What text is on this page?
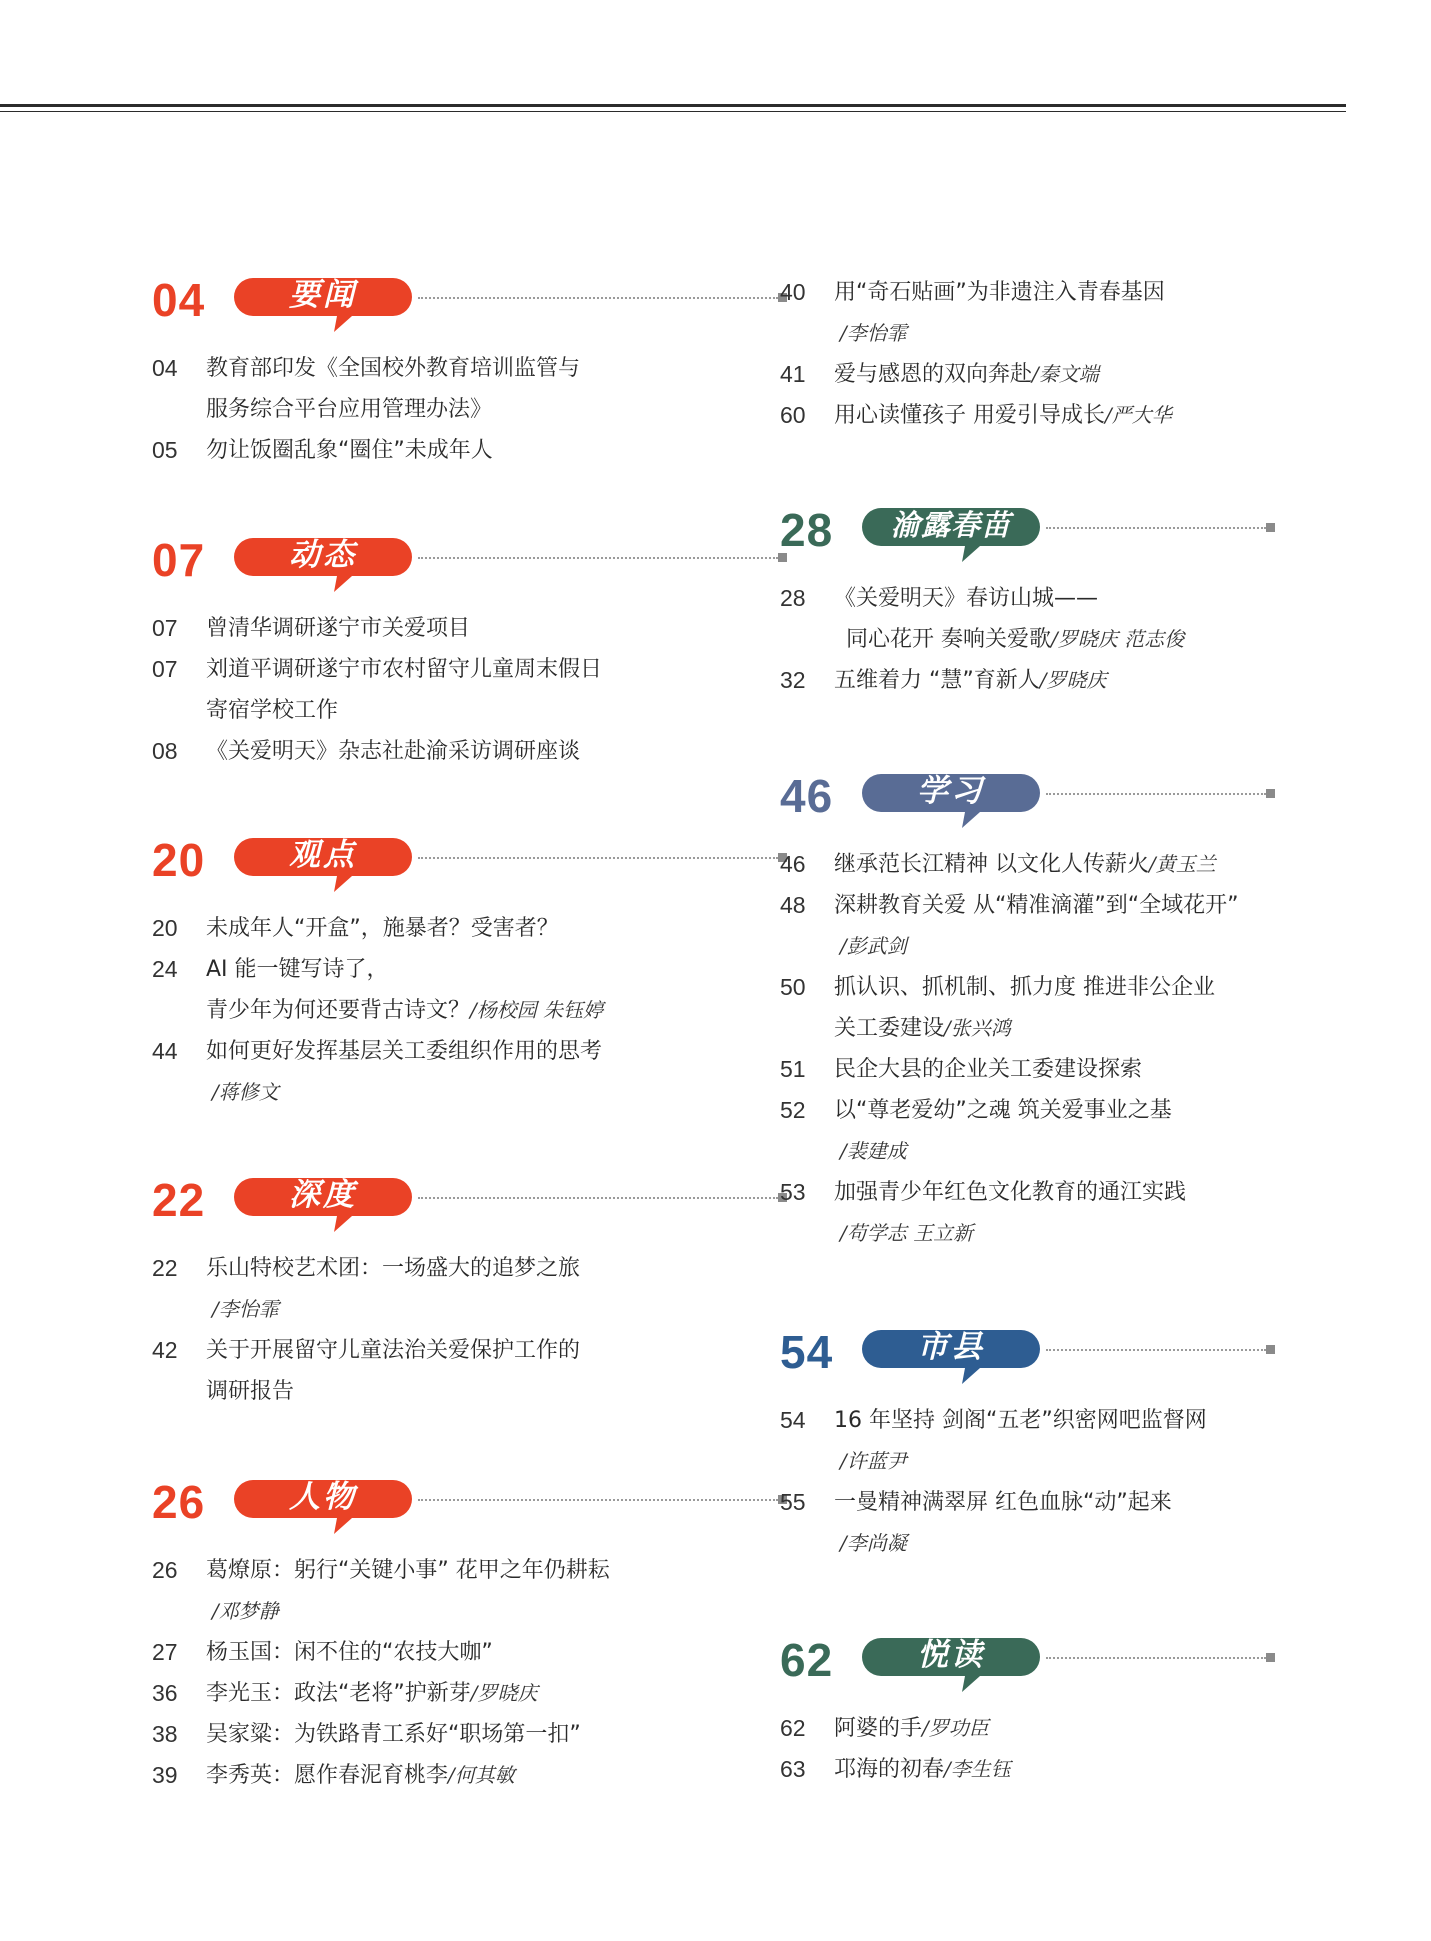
04	要闻
04 教育部印发《全国校外教育培训监管与
服务综合平台应用管理办法》
05 勿让饭圈乱象“圈住”未成年人
07	动态
07 曾清华调研遂宁市关爱项目
07 刘道平调研遂宁市农村留守儿童周末假日
寄宿学校工作
08 《关爱明天》杂志社赴渝采访调研座谈
20	观点
20 未成年人“开盒”，施暴者？受害者？
24 AI 能一键写诗了，
青少年为何还要背古诗文？/杨校园 朱钰婷
44 如何更好发挥基层关工委组织作用的思考
/蒋修文
22	深度
22 乐山特校艺术团：一场盛大的追梦之旅
/李怡霏
42 关于开展留守儿童法治关爱保护工作的
调研报告
26	人物
26 葛燎原：躬行“关键小事” 花甲之年仍耕耘
/邓梦静
27 杨玉国：闲不住的“农技大咖”
36 李光玉：政法“老将”护新芽/罗晓庆
38 吴家粱：为铁路青工系好“职场第一扣”
39 李秀英：愿作春泥育桃李/何其敏
40 用“奇石贴画”为非遗注入青春基因
/李怡霏
41 爱与感恩的双向奔赴/秦文端
60 用心读懂孩子 用爱引导成长/严大华
28	渝露春苗
28 《关爱明天》春访山城——
同心花开 奏响关爱歌/罗晓庆 范志俊
32 五维着力 “慧”育新人/罗晓庆
46	学习
46 继承范长江精神 以文化人传薪火/黄玉兰
48 深耕教育关爱 从“精准滴灌”到“全域花开”
/彭武剑
50 抓认识、抓机制、抓力度 推进非公企业
关工委建设/张兴鸿
51 民企大县的企业关工委建设探索
52 以“尊老爱幼”之魂 筑关爱事业之基
/裴建成
53 加强青少年红色文化教育的通江实践
/苟学志 王立新
54	市县
54 16 年坚持 剑阁“五老”织密网吧监督网
/许蓝尹
55 一曼精神满翠屏 红色血脉“动”起来
/李尚凝
62	悦读
62 阿婆的手/罗功臣
63 邛海的初春/李生钰
